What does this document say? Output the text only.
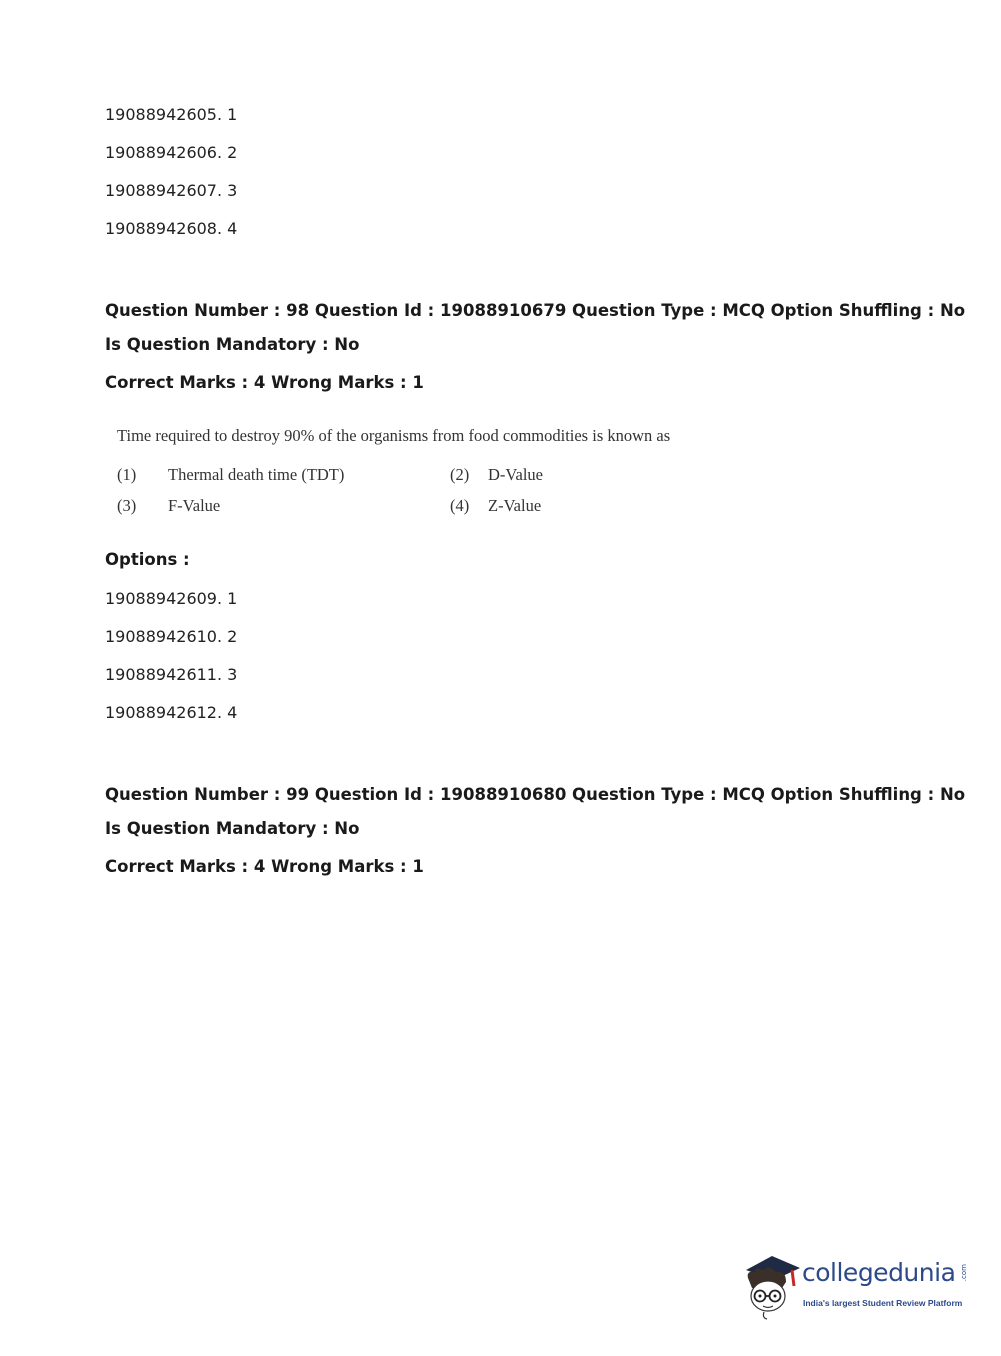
19088942605. 1
19088942606. 2
19088942607. 3
19088942608. 4
Question Number : 98 Question Id : 19088910679 Question Type : MCQ Option Shuffling : No
Is Question Mandatory : No
Correct Marks : 4 Wrong Marks : 1
Time required to destroy 90% of the organisms from food commodities is known as
(1) Thermal death time (TDT)	(2) D-Value
(3) F-Value	(4) Z-Value
Options :
19088942609. 1
19088942610. 2
19088942611. 3
19088942612. 4
Question Number : 99 Question Id : 19088910680 Question Type : MCQ Option Shuffling : No
Is Question Mandatory : No
Correct Marks : 4 Wrong Marks : 1
collegedunia .com
India's largest Student Review Platform
